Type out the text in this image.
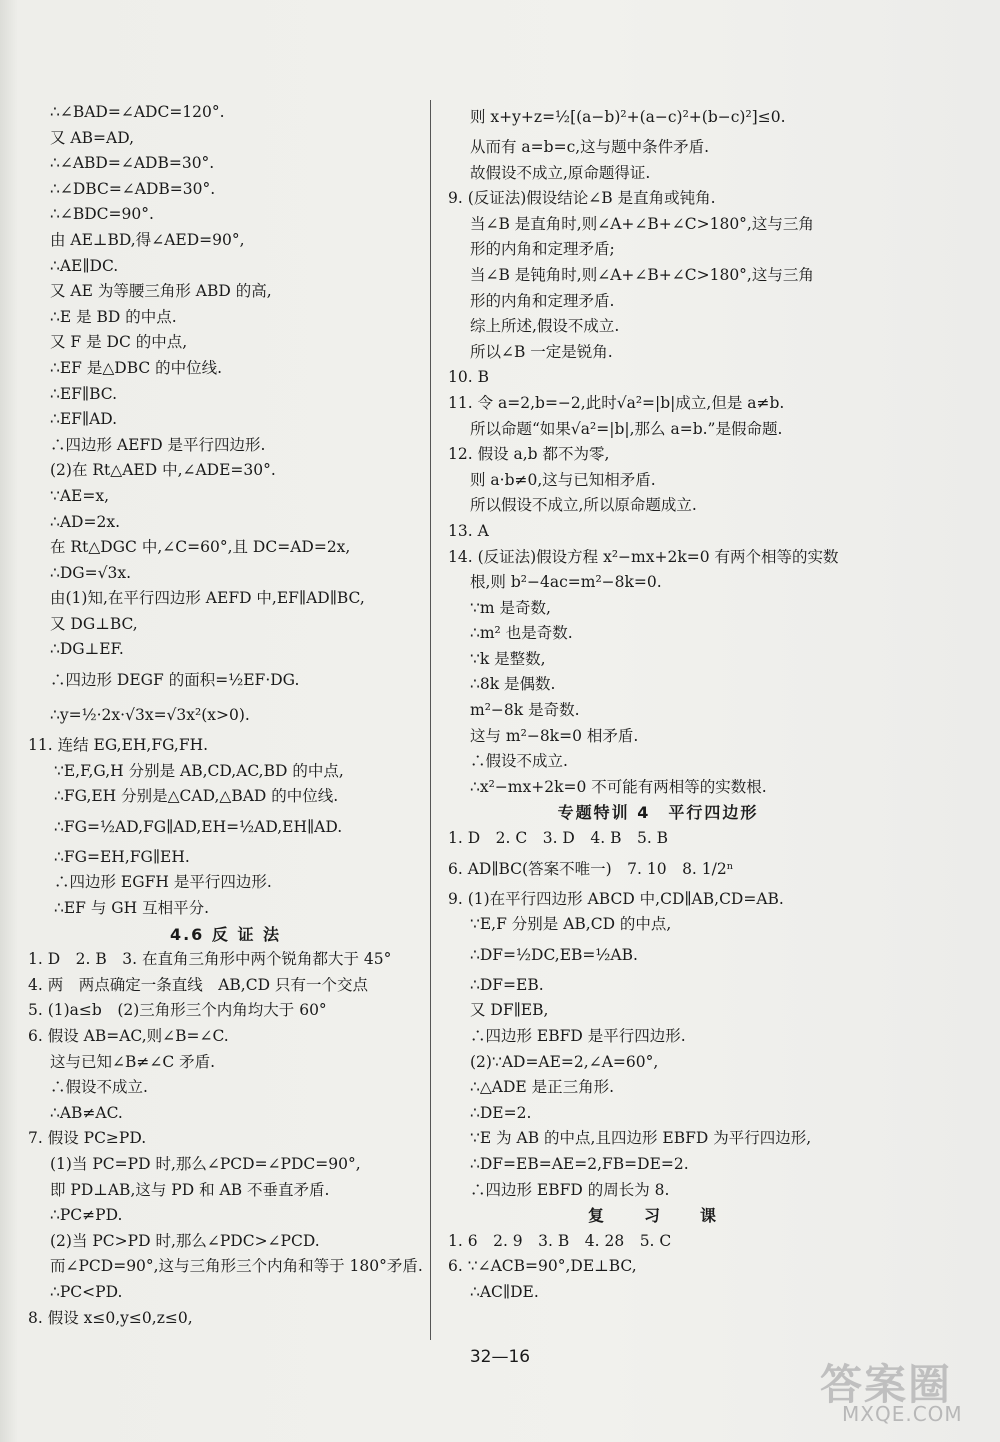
∴∠BAD=∠ADC=120°.
又 AB=AD,
∴∠ABD=∠ADB=30°.
∴∠DBC=∠ADB=30°.
∴∠BDC=90°.
由 AE⊥BD,得∠AED=90°,
∴AE∥DC.
又 AE 为等腰三角形 ABD 的高,
∴E 是 BD 的中点.
又 F 是 DC 的中点,
∴EF 是△DBC 的中位线.
∴EF∥BC.
∴EF∥AD.
∴四边形 AEFD 是平行四边形.
(2)在 Rt△AED 中,∠ADE=30°.
∵AE=x,
∴AD=2x.
在 Rt△DGC 中,∠C=60°,且 DC=AD=2x,
∴DG=√3x.
由(1)知,在平行四边形 AEFD 中,EF∥AD∥BC,
又 DG⊥BC,
∴DG⊥EF.
∴四边形 DEGF 的面积=½EF·DG.
∴y=½·2x·√3x=√3x²(x>0).
11. 连结 EG,EH,FG,FH.
∵E,F,G,H 分别是 AB,CD,AC,BD 的中点,
∴FG,EH 分别是△CAD,△BAD 的中位线.
∴FG=½AD,FG∥AD,EH=½AD,EH∥AD.
∴FG=EH,FG∥EH.
∴四边形 EGFH 是平行四边形.
∴EF 与 GH 互相平分.
4.6 反 证 法
1. D　2. B　3. 在直角三角形中两个锐角都大于 45°
4. 两　两点确定一条直线　AB,CD 只有一个交点
5. (1)a≤b　(2)三角形三个内角均大于 60°
6. 假设 AB=AC,则∠B=∠C.
这与已知∠B≠∠C 矛盾.
∴假设不成立.
∴AB≠AC.
7. 假设 PC≥PD.
(1)当 PC=PD 时,那么∠PCD=∠PDC=90°,
即 PD⊥AB,这与 PD 和 AB 不垂直矛盾.
∴PC≠PD.
(2)当 PC>PD 时,那么∠PDC>∠PCD.
而∠PCD=90°,这与三角形三个内角和等于 180°矛盾.
∴PC<PD.
8. 假设 x≤0,y≤0,z≤0,
则 x+y+z=½[(a−b)²+(a−c)²+(b−c)²]≤0.
从而有 a=b=c,这与题中条件矛盾.
故假设不成立,原命题得证.
9. (反证法)假设结论∠B 是直角或钝角.
当∠B 是直角时,则∠A+∠B+∠C>180°,这与三角
形的内角和定理矛盾;
当∠B 是钝角时,则∠A+∠B+∠C>180°,这与三角
形的内角和定理矛盾.
综上所述,假设不成立.
所以∠B 一定是锐角.
10. B
11. 令 a=2,b=−2,此时√a²=|b|成立,但是 a≠b.
所以命题“如果√a²=|b|,那么 a=b.”是假命题.
12. 假设 a,b 都不为零,
则 a·b≠0,这与已知相矛盾.
所以假设不成立,所以原命题成立.
13. A
14. (反证法)假设方程 x²−mx+2k=0 有两个相等的实数
根,则 b²−4ac=m²−8k=0.
∵m 是奇数,
∴m² 也是奇数.
∵k 是整数,
∴8k 是偶数.
m²−8k 是奇数.
这与 m²−8k=0 相矛盾.
∴假设不成立.
∴x²−mx+2k=0 不可能有两相等的实数根.
专题特训 4　平行四边形
1. D　2. C　3. D　4. B　5. B
6. AD∥BC(答案不唯一)　7. 10　8. 1/2ⁿ
9. (1)在平行四边形 ABCD 中,CD∥AB,CD=AB.
∵E,F 分别是 AB,CD 的中点,
∴DF=½DC,EB=½AB.
∴DF=EB.
又 DF∥EB,
∴四边形 EBFD 是平行四边形.
(2)∵AD=AE=2,∠A=60°,
∴△ADE 是正三角形.
∴DE=2.
∵E 为 AB 的中点,且四边形 EBFD 为平行四边形,
∴DF=EB=AE=2,FB=DE=2.
∴四边形 EBFD 的周长为 8.
复　习　课
1. 6　2. 9　3. B　4. 28　5. C
6. ∵∠ACB=90°,DE⊥BC,
∴AC∥DE.
32—16
答案圈
MXQE.COM
